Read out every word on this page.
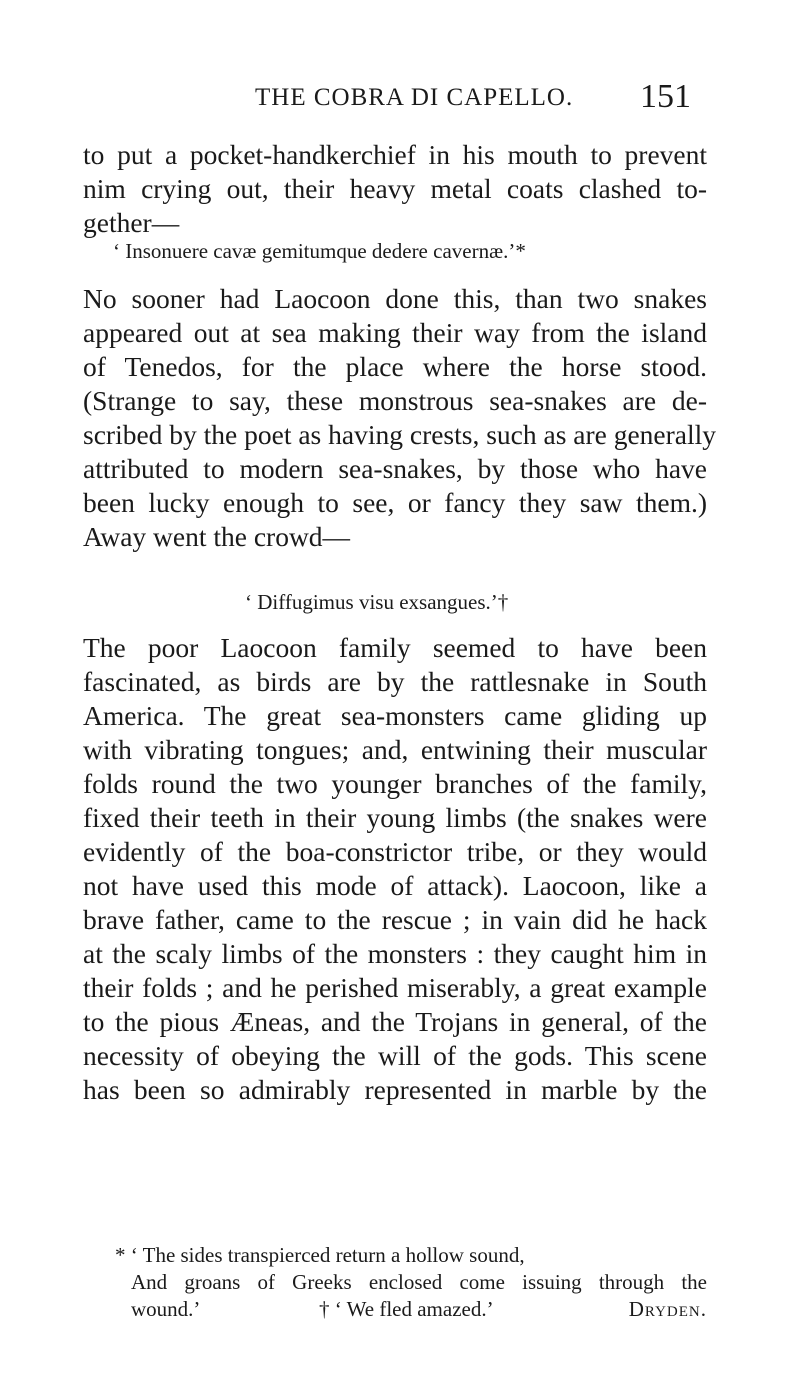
THE COBRA DI CAPELLO. 151
to put a pocket-handkerchief in his mouth to prevent
nim crying out, their heavy metal coats clashed to-
gether—
‘ Insonuere cavæ gemitumque dedere cavernæ.’*
No sooner had Laocoon done this, than two snakes
appeared out at sea making their way from the island
of Tenedos, for the place where the horse stood.
(Strange to say, these monstrous sea-snakes are de-
scribed by the poet as having crests, such as are generally
attributed to modern sea-snakes, by those who have
been lucky enough to see, or fancy they saw them.)
Away went the crowd—
‘ Diffugimus visu exsangues.’†
The poor Laocoon family seemed to have been
fascinated, as birds are by the rattlesnake in South
America. The great sea-monsters came gliding up
with vibrating tongues; and, entwining their muscular
folds round the two younger branches of the family,
fixed their teeth in their young limbs (the snakes were
evidently of the boa-constrictor tribe, or they would
not have used this mode of attack). Laocoon, like a
brave father, came to the rescue ; in vain did he hack
at the scaly limbs of the monsters : they caught him in
their folds ; and he perished miserably, a great example
to the pious Æneas, and the Trojans in general, of the
necessity of obeying the will of the gods. This scene
has been so admirably represented in marble by the
* ‘ The sides transpierced return a hollow sound,
And groans of Greeks enclosed come issuing through the
wound.’	† ‘ We fled amazed.’	Dryden.
